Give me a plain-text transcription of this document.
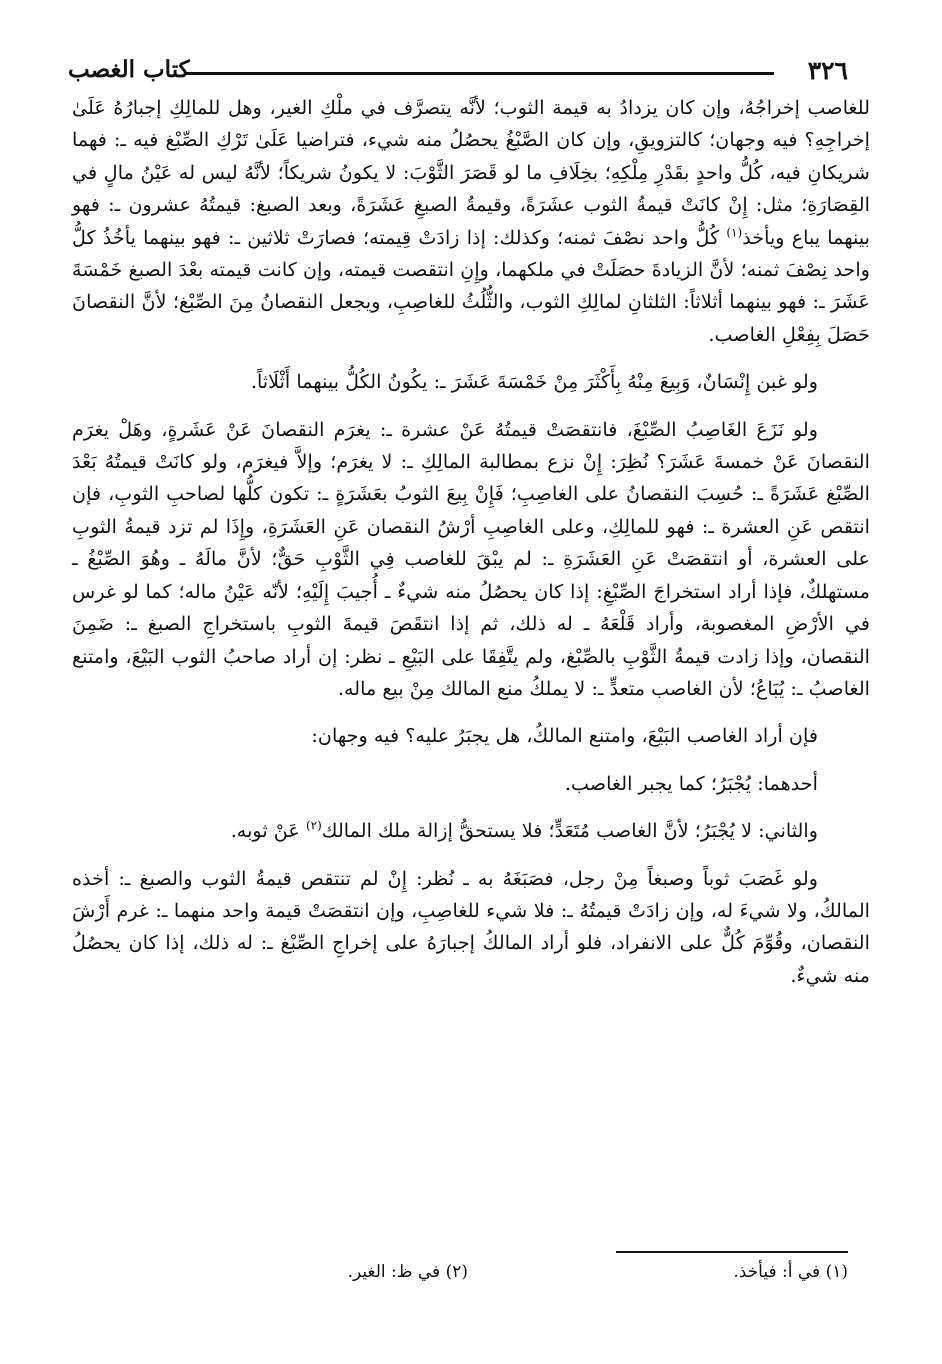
٣٢٦
كتاب الغصب

للغاصب إخراجُهُ، وإن كان يزدادُ به قيمة الثوب؛ لأنَّه يتصرَّف في ملْكِ الغير، وهل للمالِكِ إجبارُهُ عَلَىٰ إخراجِهِ؟ فيه وجهان؛ كالتزويقِ، وإن كان الصَّبْغُ يحصُلُ منه شيء، فتراضيا عَلَىٰ تَرْكِ الصِّبْغ فيه ـ: فهما شريكانِ فيه، كُلُّ واحدٍ بقَدْرِ مِلْكِهِ؛ بخِلَافِ ما لو قَصَرَ الثَّوْبَ: لا يكونُ شريكاً؛ لأنَّهُ ليس له عَيْنُ مالٍ في القِصَارَةِ؛ مثل: إِنْ كانَتْ قيمةُ الثوب عشَرَةً، وقيمةُ الصبغِ عَشَرَةً، وبعد الصبغ: قيمتُهُ عشرون ـ: فهو بينهما يباع ويأخذ$^{(١)}$ كُلُّ واحد نصْفَ ثمنه؛ وكذلك: إذا زادَتْ قِيمته؛ فصارَتْ ثلاثين ـ: فهو بينهما يأخُذُ كلُّ واحد نِصْفَ ثمنه؛ لأنَّ الزيادةَ حصَلَتْ في ملكهما، وإِنِ انتقصت قيمته، وإن كانت قيمته بعْدَ الصبغ خَمْسَةَ عَشَرَ ـ: فهو بينهما أثلاثاً: الثلثانِ لمالِكِ الثوب، والثُّلُثُ للغاصِبِ، ويجعل النقصانُ مِنَ الصِّبْغ؛ لأنَّ النقصانَ حَصَلَ بِفِعْلِ الغاصب.

ولو غبن إِنْسَانٌ، وَبِيعَ مِنْهُ بِأَكْثَرَ مِنْ خَمْسَةَ عَشَرَ ـ: يكُونُ الكُلُّ بينهما أَثْلَاثاً.

ولو نَزَعَ الغَاصِبُ الصِّبْغَ، فانتقصَتْ قيمتُهُ عَنْ عشرة ـ: يغرَم النقصانَ عَنْ عَشَرةٍ، وهَلْ يغرَم النقصانَ عَنْ خمسةَ عَشَرَ؟ نُظِرَ: إِنْ نزع بمطالبة المالِكِ ـ: لا يغرَم؛ وإلاَّ فيغرَم، ولو كانَتْ قيمتُهُ بَعْدَ الصِّبْغ عَشَرَةً ـ: حُسِبَ النقصانُ على الغاصِبِ؛ فَإِنْ بِيعَ الثوبُ بعَشَرَةٍ ـ: تكون كلُّها لصاحبِ الثوبِ، فإن انتقص عَنِ العشرة ـ: فهو للمالِكِ، وعلى الغاصِبِ أرْشُ النقصان عَنِ العَشَرَةِ، وإِذَا لم تزد قيمةُ الثوبِ على العشرة، أو انتقصَتْ عَنِ العَشَرَةِ ـ: لم يبْقَ للغاصب فِي الثَّوْبِ حَقٌّ؛ لأنَّ مالَهُ ـ وهُوَ الصِّبْغُ ـ مستهلكٌ، فإذا أراد استخراجَ الصِّبْغِ: إذا كان يحصُلُ منه شيءٌ ـ أُجيبَ إِلَيْهِ؛ لأنّه عَيْنُ ماله؛ كما لو غرس في الأرْضِ المغصوبة، وأراد قَلْعَهُ ـ له ذلك، ثم إذا انتقَصَ قيمةَ الثوبِ باستخراجِ الصبغ ـ: ضَمِنَ النقصان، وإذا زادت قيمةُ الثَّوْبِ بالصِّبْغ، ولم يتَّفِقَا على البَيْعِ ـ نظر: إن أراد صاحبُ الثوب البَيْعَ، وامتنع الغاصبُ ـ: يُبَاعُ؛ لأن الغاصب متعدٍّ ـ: لا يملكُ منع المالك مِنْ بيع ماله.

فإن أراد الغاصب البَيْعَ، وامتنع المالكُ، هل يجبَرُ عليه؟ فيه وجهان:

أحدهما: يُجْبَرُ؛ كما يجبر الغاصب.

والثاني: لا يُجْبَرُ؛ لأنَّ الغاصب مُتَعَدٍّ؛ فلا يستحقُّ إزالة ملك المالك$^{(٢)}$ عَنْ ثوبه.

ولو غَصَبَ ثوباً وصبغاً مِنْ رجل، فصَبَغَهُ به ـ نُظر: إِنْ لم تنتقص قيمةُ الثوب والصبغ ـ: أخذه المالكُ، ولا شيءَ له، وإن زادَتْ قيمتُهُ ـ: فلا شيء للغاصِبِ، وإن انتقصَتْ قيمة واحد منهما ـ: غرم أَرْشَ النقصان، وقُوِّمَ كُلٌّ على الانفراد، فلو أراد المالكُ إجبارَهُ على إخراجِ الصِّبْغ ـ: له ذلك، إذا كان يحصُلُ منه شيءٌ.

(١) في أ: فيأخذ.
(٢) في ظ: الغير.
